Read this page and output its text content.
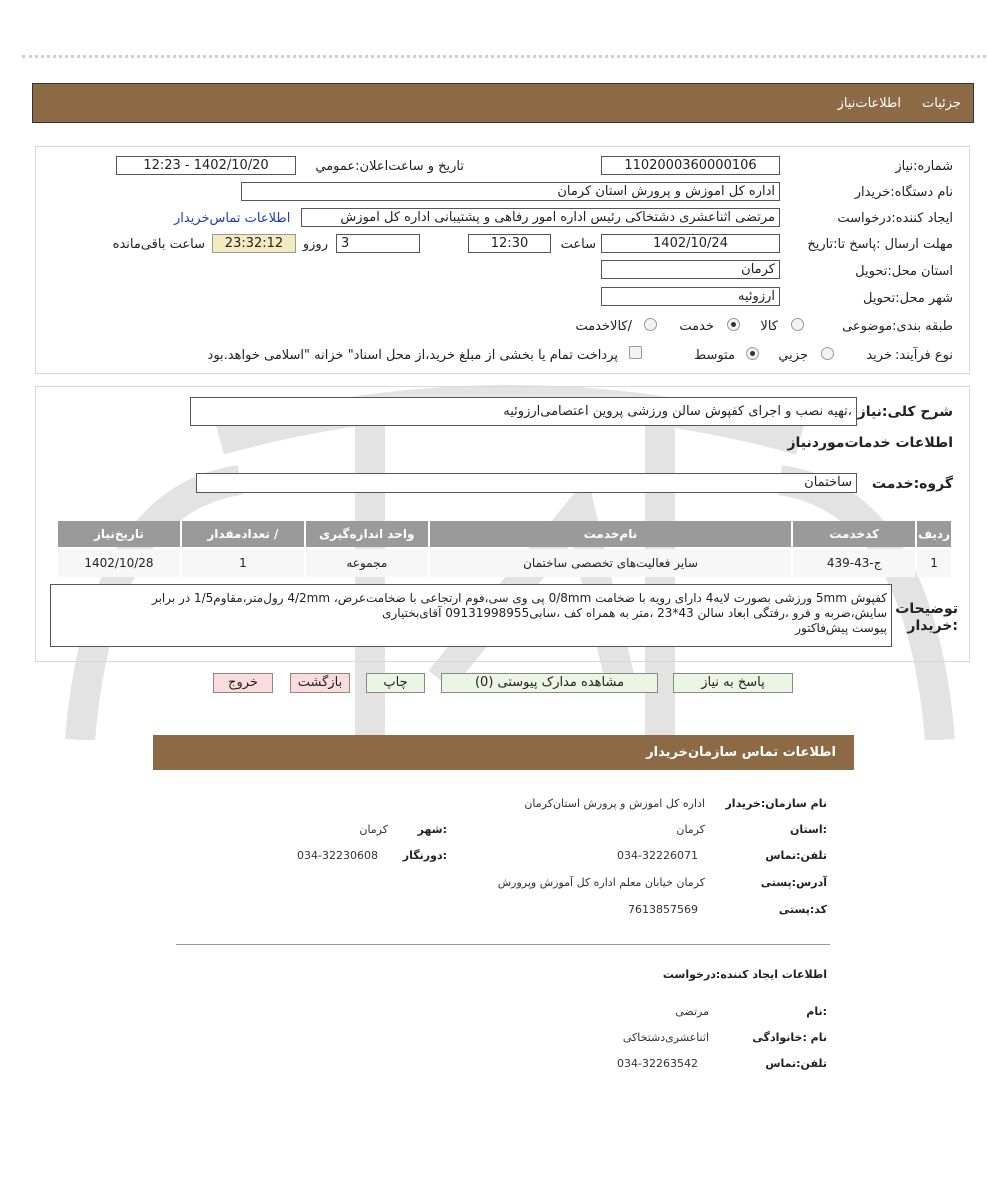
جزئیات
اطلاعات‌نیاز
شماره:نیاز
1102000360000106
تاریخ و ساعت‌اعلان:عمومي
1402/10/20 - 12:23
نام دستگاه:خریدار
اداره کل اموزش و پرورش استان کرمان
ایجاد کننده:درخواست
مرتضی اثناعشری دشتخاکی رئیس اداره امور رفاهی و پشتیبانی اداره کل اموزش
اطلاعات تماس‌خریدار
مهلت ارسال :پاسخ تا:تاریخ
1402/10/24
ساعت
12:30
3
روزو
23:32:12
ساعت باقی‌مانده
استان محل:تحویل
کرمان
شهر محل:تحویل
ارزوئیه
طبقه بندی:موضوعی
کالا
خدمت
/کالاخدمت
نوع فرآیند:
خرید
جزیي
متوسط
پرداخت تمام یا بخشی از مبلغ خرید،از محل اسناد" خزانه "اسلامی خواهد.بود
شرح کلی:نیاز
،تهیه نصب و اجرای کفپوش سالن ورزشی پروین اعتصامی‌ارزوئیه
اطلاعات خدمات‌موردنیاز
گروه:خدمت
ساختمان
ردیف	کدخدمت	نام‌خدمت	واحد اندازه‌گیری	/ تعدادمقدار	تاریخ‌نیاز
1	ج-43-439	سایر فعالیت‌های تخصصی ساختمان	مجموعه	1	1402/10/28
توضیحات :خریدار
کفپوش 5mm ورزشی بصورت لایه4 دارای رویه با ضخامت 0/8mm پی وی سی،فوم ارتجاعی با ضخامت‌عرض، 4/2mm رول‌متر،مقاوم1/5 در برابر
سایش،ضربه و فرو ،رفتگی ابعاد سالن 43*23 ،متر به همراه کف ،سابی09131998955 آقای‌بختیاری
پیوست پیش‌فاکتور
پاسخ به نیاز
مشاهده مدارک پیوستی (0)
چاپ
بازگشت
خروج
اطلاعات تماس سازمان‌خریدار
نام سازمان:خریدار
اداره کل اموزش و پرورش استان‌کرمان
:استان
کرمان
:شهر
کرمان
تلفن:تماس
034-32226071
:دورنگار
034-32230608
آدرس:پستی
کرمان خیابان معلم اداره کل آموزش وپرورش
کد:پستی
7613857569
اطلاعات ایجاد کننده:درخواست
:نام
مرتضی
نام :خانوادگی
اثناعشری‌دشتخاکی
تلفن:تماس
034-32263542
